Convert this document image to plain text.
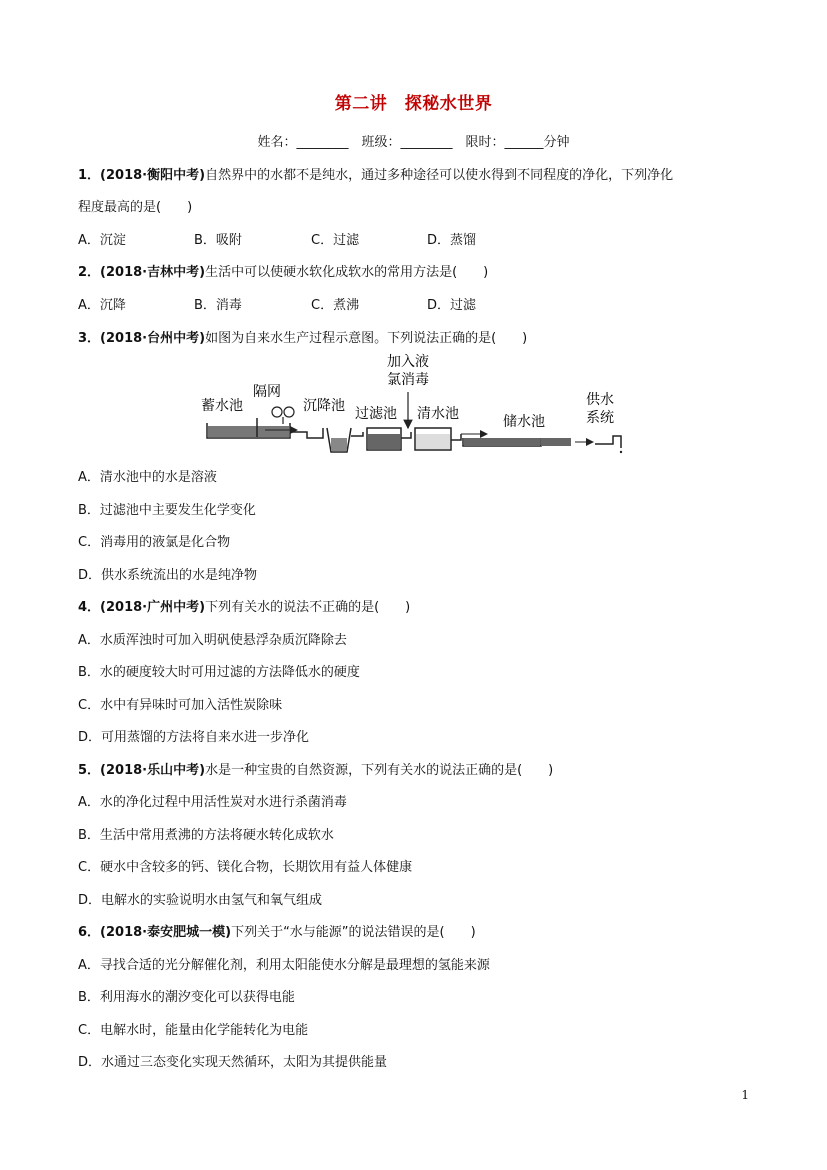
第二讲　探秘水世界
姓名：________　班级：________　限时：______分钟
1．(2018·衡阳中考)自然界中的水都不是纯水，通过多种途径可以使水得到不同程度的净化，下列净化
程度最高的是(　　)
A．沉淀	B．吸附	C．过滤	D．蒸馏
2．(2018·吉林中考)生活中可以使硬水软化成软水的常用方法是(　　)
A．沉降	B．消毒	C．煮沸	D．过滤
3．(2018·台州中考)如图为自来水生产过程示意图。下列说法正确的是(　　)
蓄水池
隔网
沉降池 过滤池
加入液
氯消毒
清水池	储水池
供水
系统
A．清水池中的水是溶液
B．过滤池中主要发生化学变化
C．消毒用的液氯是化合物
D．供水系统流出的水是纯净物
4．(2018·广州中考)下列有关水的说法不正确的是(　　)
A．水质浑浊时可加入明矾使悬浮杂质沉降除去
B．水的硬度较大时可用过滤的方法降低水的硬度
C．水中有异味时可加入活性炭除味
D．可用蒸馏的方法将自来水进一步净化
5．(2018·乐山中考)水是一种宝贵的自然资源，下列有关水的说法正确的是(　　)
A．水的净化过程中用活性炭对水进行杀菌消毒
B．生活中常用煮沸的方法将硬水转化成软水
C．硬水中含较多的钙、镁化合物，长期饮用有益人体健康
D．电解水的实验说明水由氢气和氧气组成
6．(2018·泰安肥城一模)下列关于“水与能源”的说法错误的是(　　)
A．寻找合适的光分解催化剂，利用太阳能使水分解是最理想的氢能来源
B．利用海水的潮汐变化可以获得电能
C．电解水时，能量由化学能转化为电能
D．水通过三态变化实现天然循环，太阳为其提供能量
1
